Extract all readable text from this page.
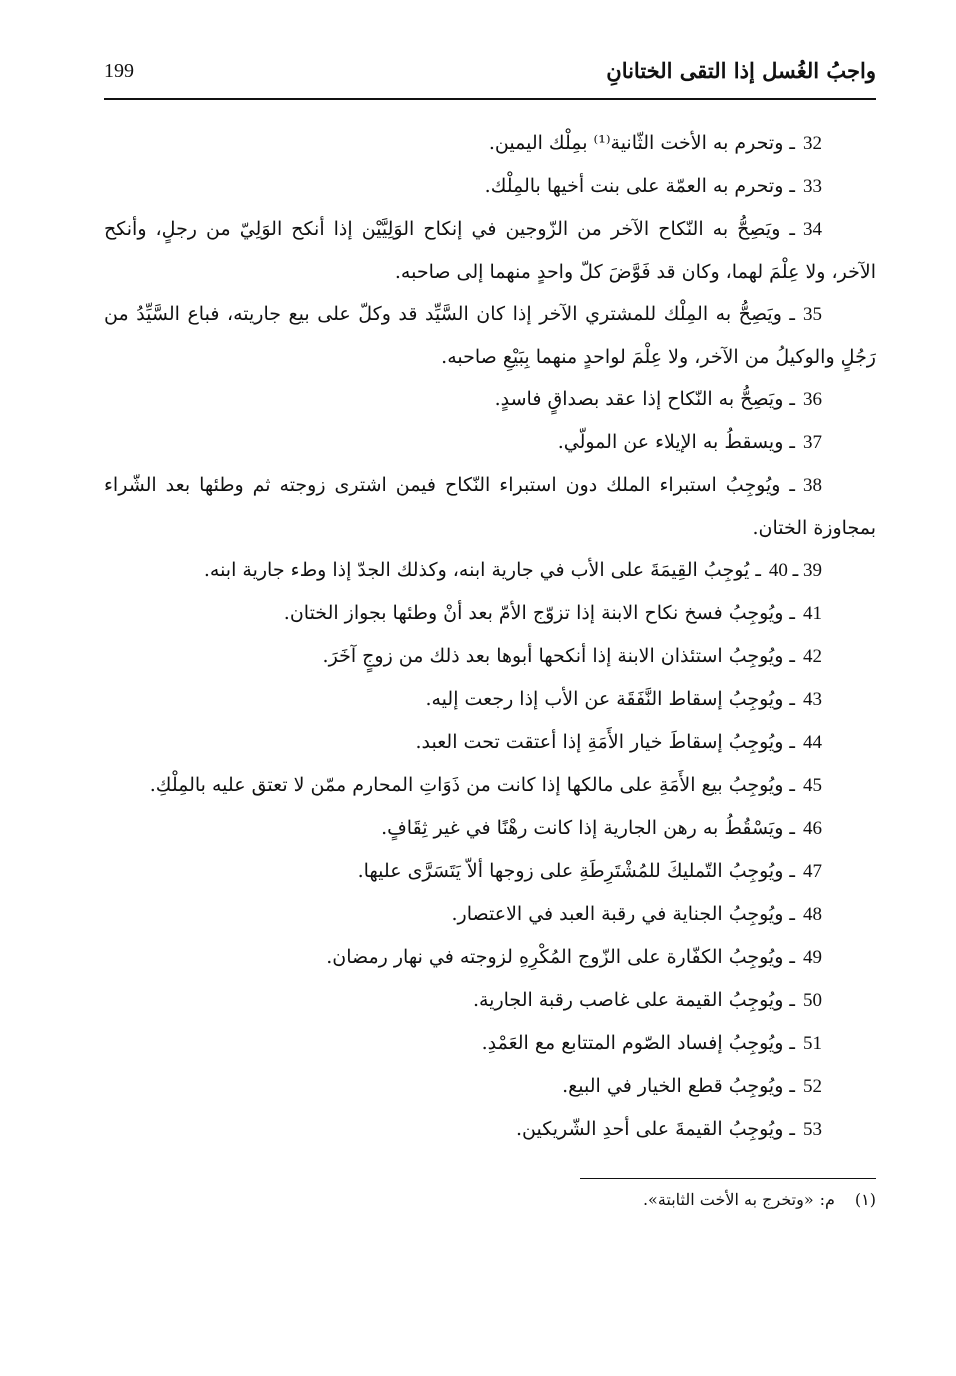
واجبُ الغُسل إذا التقى الختانانِ
199

32ـ وتحرم به الأخت الثّانية⁽¹⁾ بمِلْك اليمين.

33ـ وتحرم به العمّة على بنت أخيها بالمِلْك.

34ـ ويَصِحُّ به النّكاح الآخر من الزّوجين في إنكاح الوَلِيَّيْن إذا أنكح الوَلِيّ من رجلٍ، وأنكح الآخر، ولا عِلْمَ لهما، وكان قد فَوَّضَ كلّ واحدٍ منهما إلى صاحبه.

35ـ ويَصِحُّ به المِلْك للمشتري الآخر إذا كان السَّيِّد قد وكلّ على بيع جاريته، فباع السَّيِّدُ من رَجُلٍ والوكيلُ من الآخر، ولا عِلْمَ لواحدٍ منهما بِبَيْعِ صاحبه.

36ـ ويَصِحُّ به النّكاح إذا عقد بصداقٍ فاسدٍ.

37ـ ويسقطُ به الإيلاء عن المولّي.

38ـ ويُوجِبُ استبراء الملك دون استبراء النّكاح فيمن اشترى زوجته ثم وطئها بعد الشّراء بمجاوزة الختان.

39 ـ 40ـ يُوجِبُ القِيمَةَ على الأب في جارية ابنه، وكذلك الجدّ إذا وطء جارية ابنه.

41ـ ويُوجِبُ فسخ نكاح الابنة إذا تزوّج الأمّ بعد أنْ وطئها بجواز الختان.

42ـ ويُوجِبُ استئذان الابنة إذا أنكحها أبوها بعد ذلك من زوجٍ آخَرَ.

43ـ ويُوجِبُ إسقاط النَّفَقَة عن الأب إذا رجعت إليه.

44ـ ويُوجِبُ إسقاطَ خيار الأَمَةِ إذا أعتقت تحت العبد.

45ـ ويُوجِبُ بيع الأَمَةِ على مالكها إذا كانت من ذَوَاتِ المحارم ممّن لا تعتق عليه بالمِلْكِ.

46ـ ويَسْقُطُ به رهن الجارية إذا كانت رهْنًا في غير ثِقَافٍ.

47ـ ويُوجِبُ التّمليكَ للمُشْتَرِطَةِ على زوجها ألاّ يَتَسَرَّى عليها.

48ـ ويُوجِبُ الجناية في رقبة العبد في الاعتصار.

49ـ ويُوجِبُ الكفّارة على الزّوج المُكْرِهِ لزوجته في نهار رمضان.

50ـ ويُوجِبُ القيمة على غاصب رقبة الجارية.

51ـ ويُوجِبُ إفساد الصّوم المتتابع مع العَمْدِ.

52ـ ويُوجِبُ قطع الخيار في البيع.

53ـ ويُوجِبُ القيمةَ على أحدِ الشّريكين.

(١)م:«وتخرج به الأخت الثابتة».
